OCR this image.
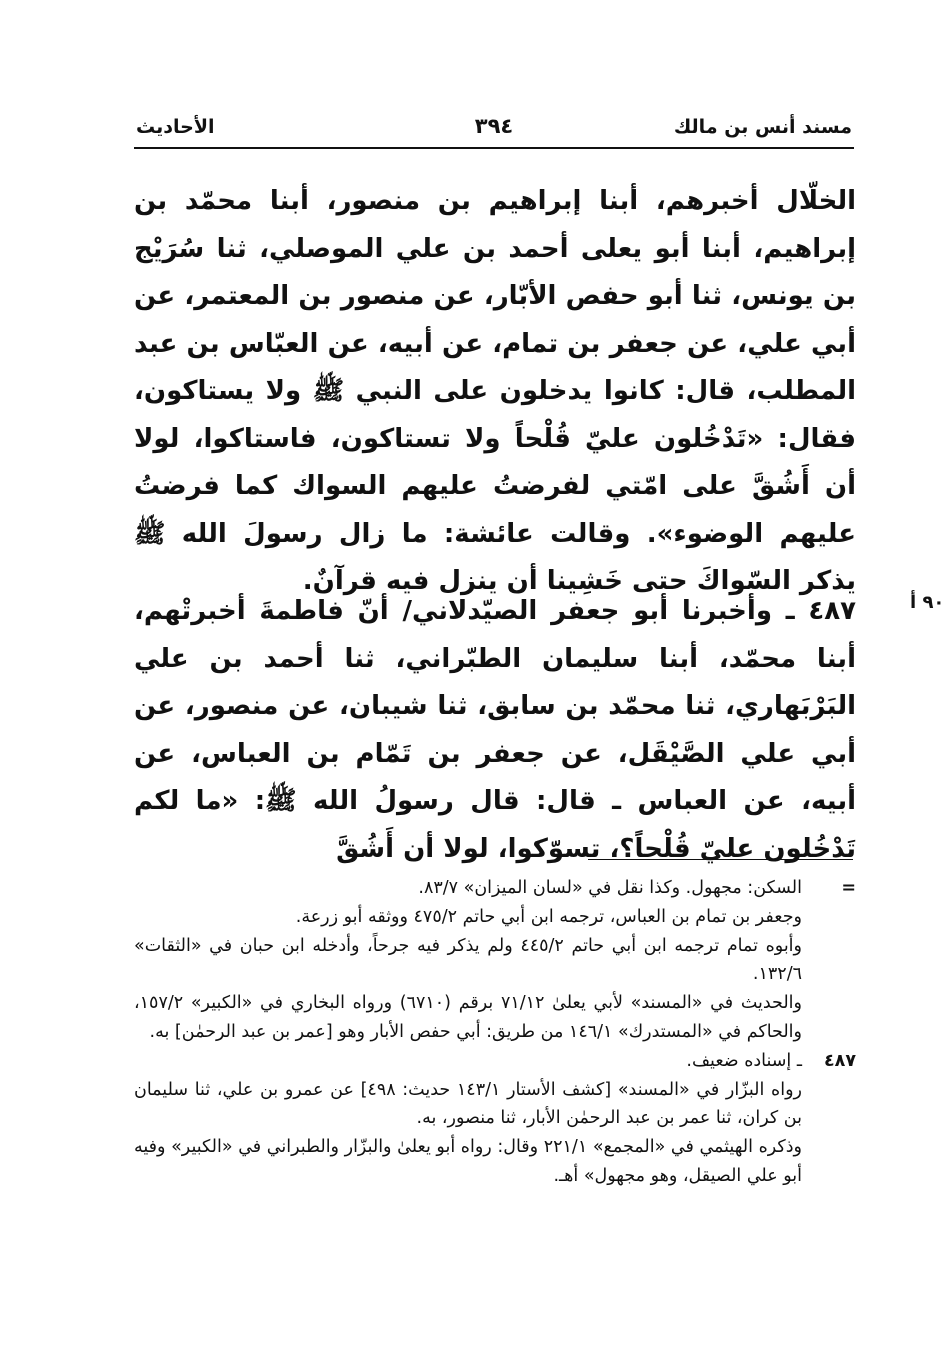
مسند أنس بن مالك
٣٩٤
الأحاديث

الخلّال أخبرهم، أبنا إبراهيم بن منصور، أبنا محمّد بن إبراهيم، أبنا أبو يعلى أحمد بن علي الموصلي، ثنا سُرَيْج بن يونس، ثنا أبو حفص الأبّار، عن منصور بن المعتمر، عن أبي علي، عن جعفر بن تمام، عن أبيه، عن العبّاس بن عبد المطلب، قال: كانوا يدخلون على النبي ﷺ ولا يستاكون، فقال: «تَدْخُلون عليّ قُلْحاً ولا تستاكون، فاستاكوا، لولا أن أَشُقَّ على امّتي لفرضتُ عليهم السواك كما فرضتُ عليهم الوضوء». وقالت عائشة: ما زال رسولَ الله ﷺ يذكر السّواكَ حتى خَشِينا أن ينزل فيه قرآنٌ.

٤٨٧ ـ وأخبرنا أبو جعفر الصيّدلاني/ أنّ فاطمةَ أخبرتْهم، أبنا محمّد، أبنا سليمان الطبّراني، ثنا أحمد بن علي البَرْبَهاري، ثنا محمّد بن سابق، ثنا شيبان، عن منصور، عن أبي علي الصَّيْقَل، عن جعفر بن تَمّام بن العباس، عن أبيه، عن العباس ـ قال: قال رسولُ الله ﷺ: «ما لكم تَدْخُلون عليّ قُلْحاً؟، تسوّكوا، لولا أن أَشُقَّ

٩٠ أ
=

السكن: مجهول. وكذا نقل في «لسان الميزان» ٨٣/٧.

وجعفر بن تمام بن العباس، ترجمه ابن أبي حاتم ٤٧٥/٢ ووثقه أبو زرعة.

وأبوه تمام ترجمه ابن أبي حاتم ٤٤٥/٢ ولم يذكر فيه جرحاً، وأدخله ابن حبان في «الثقات» ١٣٢/٦.

والحديث في «المسند» لأبي يعلىٰ ٧١/١٢ برقم (٦٧١٠) ورواه البخاري في «الكبير» ١٥٧/٢، والحاكم في «المستدرك» ١٤٦/١ من طريق: أبي حفص الأبار وهو [عمر بن عبد الرحمٰن] به.

٤٨٧

ـ إسناده ضعيف.

رواه البزّار في «المسند» [كشف الأستار ١٤٣/١ حديث: ٤٩٨] عن عمرو بن علي، ثنا سليمان بن كران، ثنا عمر بن عبد الرحمٰن الأبار، ثنا منصور، به.

وذكره الهيثمي في «المجمع» ٢٢١/١ وقال: رواه أبو يعلىٰ والبزّار والطبراني في «الكبير» وفيه أبو علي الصيقل، وهو مجهول» أهـ.
